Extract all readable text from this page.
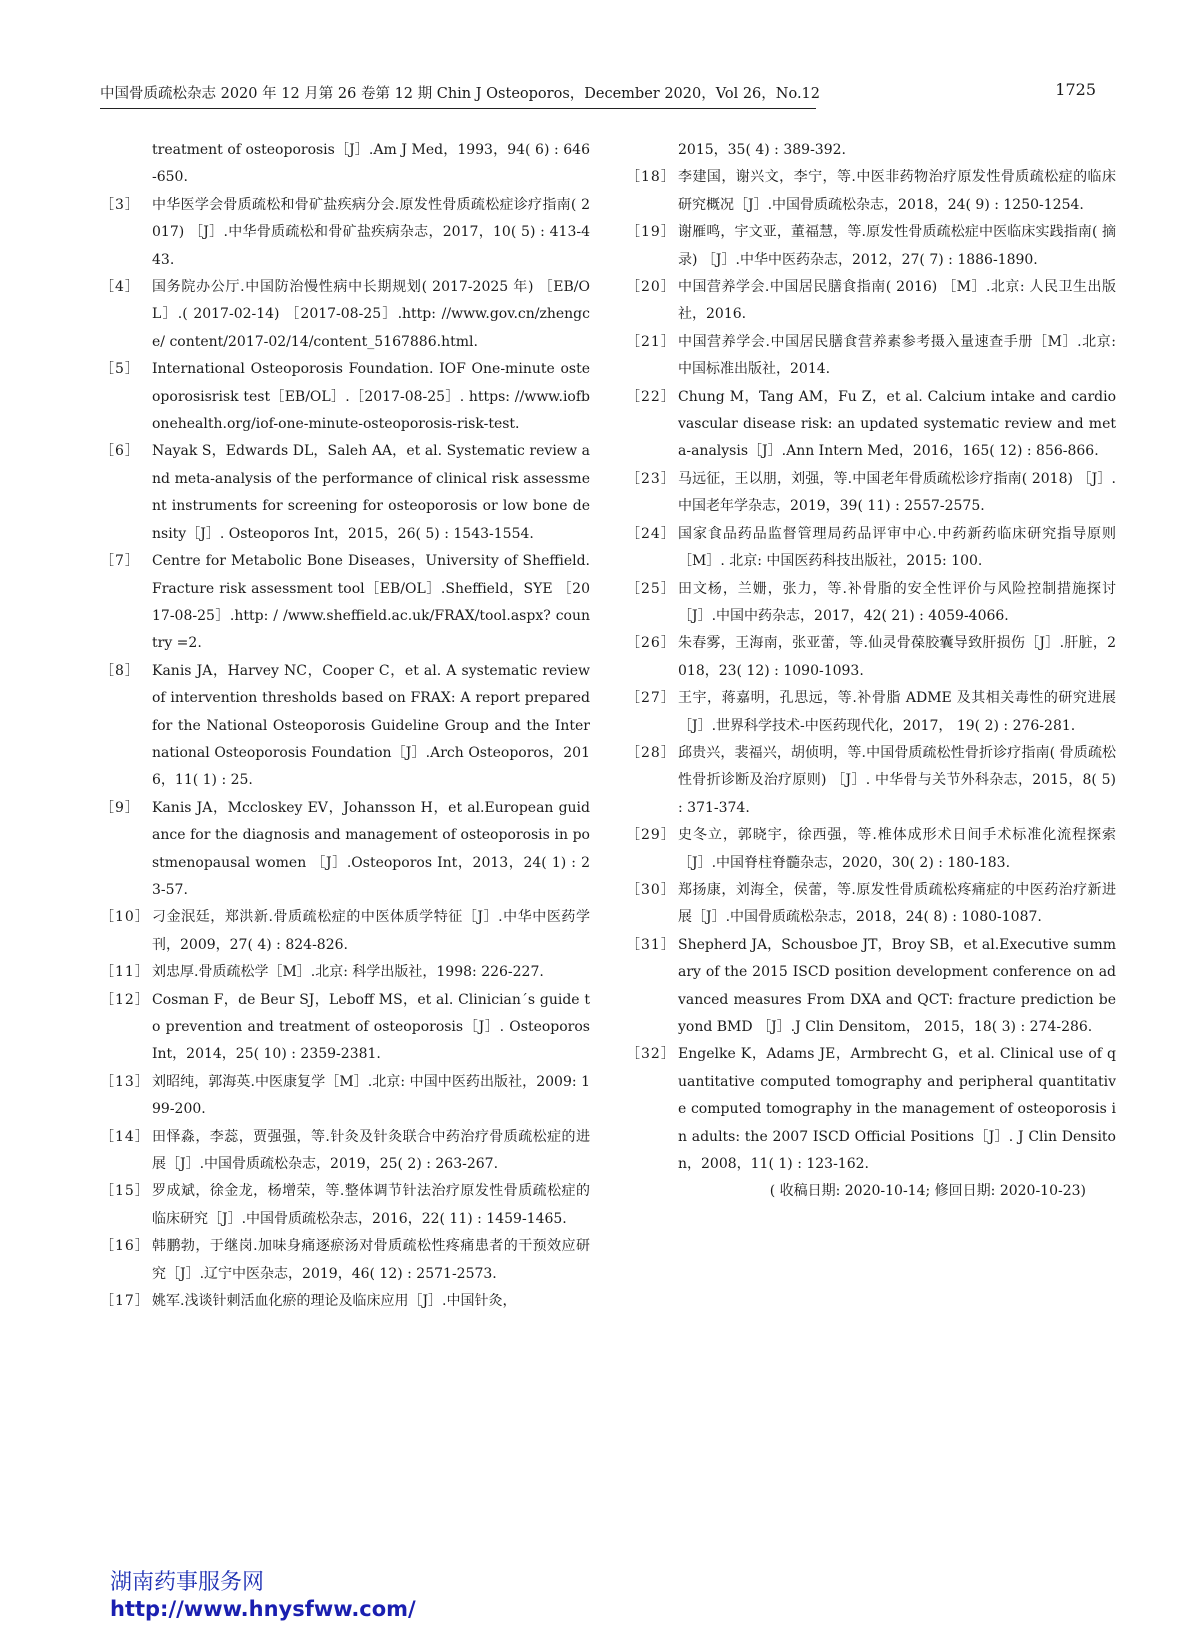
中国骨质疏松杂志 2020 年 12 月第 26 卷第 12 期 Chin J Osteoporos，December 2020，Vol 26，No.12	1725
treatment of osteoporosis［J］.Am J Med，1993，94( 6) : 646-650.
［3］ 中华医学会骨质疏松和骨矿盐疾病分会.原发性骨质疏松症诊疗指南( 2017) ［J］.中华骨质疏松和骨矿盐疾病杂志，2017，10( 5) : 413-443.
［4］ 国务院办公厅.中国防治慢性病中长期规划( 2017-2025 年) ［EB/OL］.( 2017-02-14) ［2017-08-25］.http: //www.gov.cn/zhengce/ content/2017-02/14/content_5167886.html.
［5］ International Osteoporosis Foundation. IOF One-minute osteoporosisrisk test［EB/OL］.［2017-08-25］. https: //www.iofbonehealth.org/iof-one-minute-osteoporosis-risk-test.
［6］ Nayak S，Edwards DL，Saleh AA，et al. Systematic review and meta-analysis of the performance of clinical risk assessment instruments for screening for osteoporosis or low bone density［J］. Osteoporos Int，2015，26( 5) : 1543-1554.
［7］ Centre for Metabolic Bone Diseases，University of Sheffield. Fracture risk assessment tool［EB/OL］.Sheffield，SYE ［2017-08-25］.http: / /www.sheffield.ac.uk/FRAX/tool.aspx? country =2.
［8］ Kanis JA，Harvey NC，Cooper C，et al. A systematic review of intervention thresholds based on FRAX: A report prepared for the National Osteoporosis Guideline Group and the International Osteoporosis Foundation［J］.Arch Osteoporos，2016，11( 1) : 25.
［9］ Kanis JA，Mccloskey EV，Johansson H，et al.European guidance for the diagnosis and management of osteoporosis in postmenopausal women ［J］.Osteoporos Int，2013，24( 1) : 23-57.
［10］ 刁金泯廷，郑洪新.骨质疏松症的中医体质学特征［J］.中华中医药学刊，2009，27( 4) : 824-826.
［11］ 刘忠厚.骨质疏松学［M］.北京: 科学出版社，1998: 226-227.
［12］ Cosman F，de Beur SJ，Leboff MS，et al. Clinician´s guide to prevention and treatment of osteoporosis［J］. Osteoporos Int，2014，25( 10) : 2359-2381.
［13］ 刘昭纯，郭海英.中医康复学［M］.北京: 中国中医药出版社，2009: 199-200.
［14］ 田怿淼，李蕊，贾强强，等.针灸及针灸联合中药治疗骨质疏松症的进展［J］.中国骨质疏松杂志，2019，25( 2) : 263-267.
［15］ 罗成斌，徐金龙，杨增荣，等.整体调节针法治疗原发性骨质疏松症的临床研究［J］.中国骨质疏松杂志，2016，22( 11) : 1459-1465.
［16］ 韩鹏勃，于继岗.加味身痛逐瘀汤对骨质疏松性疼痛患者的干预效应研究［J］.辽宁中医杂志，2019，46( 12) : 2571-2573.
［17］ 姚军.浅谈针刺活血化瘀的理论及临床应用［J］.中国针灸，
2015，35( 4) : 389-392.
［18］ 李建国，谢兴文，李宁，等.中医非药物治疗原发性骨质疏松症的临床研究概况［J］.中国骨质疏松杂志，2018，24( 9) : 1250-1254.
［19］ 谢雁鸣，宇文亚，董福慧，等.原发性骨质疏松症中医临床实践指南( 摘录) ［J］.中华中医药杂志，2012，27( 7) : 1886-1890.
［20］ 中国营养学会.中国居民膳食指南( 2016) ［M］.北京: 人民卫生出版社，2016.
［21］ 中国营养学会.中国居民膳食营养素参考摄入量速查手册［M］.北京: 中国标准出版社，2014.
［22］ Chung M，Tang AM，Fu Z，et al. Calcium intake and cardiovascular disease risk: an updated systematic review and meta-analysis［J］.Ann Intern Med，2016，165( 12) : 856-866.
［23］ 马远征，王以朋，刘强，等.中国老年骨质疏松诊疗指南( 2018) ［J］.中国老年学杂志，2019，39( 11) : 2557-2575.
［24］ 国家食品药品监督管理局药品评审中心.中药新药临床研究指导原则［M］. 北京: 中国医药科技出版社，2015: 100.
［25］ 田文杨，兰姗，张力，等.补骨脂的安全性评价与风险控制措施探讨［J］.中国中药杂志，2017，42( 21) : 4059-4066.
［26］ 朱春雾，王海南，张亚蕾，等.仙灵骨葆胶囊导致肝损伤［J］.肝脏，2018，23( 12) : 1090-1093.
［27］ 王宇，蒋嘉明，孔思远，等.补骨脂 ADME 及其相关毒性的研究进展［J］.世界科学技术-中医药现代化，2017， 19( 2) : 276-281.
［28］ 邱贵兴，裴福兴，胡侦明，等.中国骨质疏松性骨折诊疗指南( 骨质疏松性骨折诊断及治疗原则) ［J］. 中华骨与关节外科杂志，2015，8( 5) : 371-374.
［29］ 史冬立，郭晓宇，徐西强，等.椎体成形术日间手术标准化流程探索［J］.中国脊柱脊髓杂志，2020，30( 2) : 180-183.
［30］ 郑扬康，刘海全，侯蕾，等.原发性骨质疏松疼痛症的中医药治疗新进展［J］.中国骨质疏松杂志，2018，24( 8) : 1080-1087.
［31］ Shepherd JA，Schousboe JT，Broy SB，et al.Executive summary of the 2015 ISCD position development conference on advanced measures From DXA and QCT: fracture prediction beyond BMD ［J］.J Clin Densitom， 2015，18( 3) : 274-286.
［32］ Engelke K，Adams JE，Armbrecht G，et al. Clinical use of quantitative computed tomography and peripheral quantitative computed tomography in the management of osteoporosis in adults: the 2007 ISCD Official Positions［J］. J Clin Densiton，2008，11( 1) : 123-162.
( 收稿日期: 2020-10-14; 修回日期: 2020-10-23)
湖南药事服务网
http://www.hnysfww.com/
